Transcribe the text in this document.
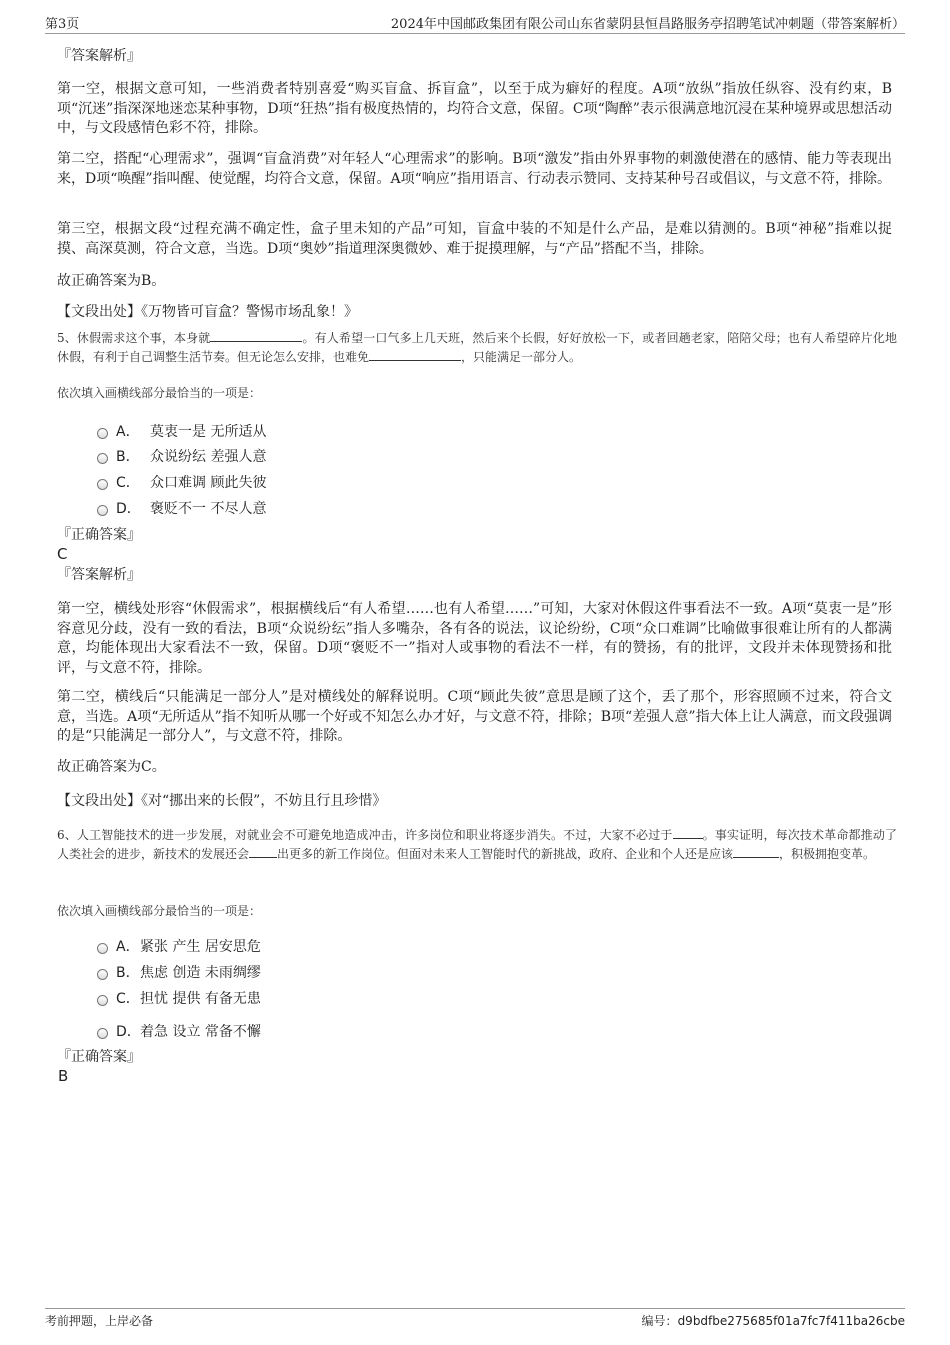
第3页	2024年中国邮政集团有限公司山东省蒙阴县恒昌路服务亭招聘笔试冲刺题（带答案解析）
『答案解析』
第一空，根据文意可知，一些消费者特别喜爱“购买盲盒、拆盲盒”，以至于成为癖好的程度。A项“放纵”指放任纵容、没有约束，B项“沉迷”指深深地迷恋某种事物，D项“狂热”指有极度热情的，均符合文意，保留。C项“陶醉”表示很满意地沉浸在某种境界或思想活动中，与文段感情色彩不符，排除。
第二空，搭配“心理需求”，强调“盲盒消费”对年轻人“心理需求”的影响。B项“激发”指由外界事物的刺激使潜在的感情、能力等表现出来，D项“唤醒”指叫醒、使觉醒，均符合文意，保留。A项“响应”指用语言、行动表示赞同、支持某种号召或倡议，与文意不符，排除。
第三空，根据文段“过程充满不确定性，盒子里未知的产品”可知，盲盒中装的不知是什么产品，是难以猜测的。B项“神秘”指难以捉摸、高深莫测，符合文意，当选。D项“奥妙”指道理深奥微妙、难于捉摸理解，与“产品”搭配不当，排除。
故正确答案为B。
【文段出处】《万物皆可盲盒？警惕市场乱象！》
5、休假需求这个事，本身就	。有人希望一口气多上几天班，然后来个长假，好好放松一下，或者回趟老家，陪陪父母；也有人希望碎片化地休假，有利于自己调整生活节奏。但无论怎么安排，也难免	，只能满足一部分人。
依次填入画横线部分最恰当的一项是：
A． 莫衷一是 无所适从
B． 众说纷纭 差强人意
C． 众口难调 顾此失彼
D． 褒贬不一 不尽人意
『正确答案』
C
『答案解析』
第一空，横线处形容“休假需求”，根据横线后“有人希望……也有人希望……”可知，大家对休假这件事看法不一致。A项“莫衷一是”形容意见分歧，没有一致的看法，B项“众说纷纭”指人多嘴杂，各有各的说法，议论纷纷，C项“众口难调”比喻做事很难让所有的人都满意，均能体现出大家看法不一致，保留。D项“褒贬不一”指对人或事物的看法不一样，有的赞扬，有的批评，文段并未体现赞扬和批评，与文意不符，排除。
第二空，横线后“只能满足一部分人”是对横线处的解释说明。C项“顾此失彼”意思是顾了这个，丢了那个，形容照顾不过来，符合文意，当选。A项“无所适从”指不知听从哪一个好或不知怎么办才好，与文意不符，排除；B项“差强人意”指大体上让人满意，而文段强调的是“只能满足一部分人”，与文意不符，排除。
故正确答案为C。
【文段出处】《对“挪出来的长假”，不妨且行且珍惜》
6、人工智能技术的进一步发展，对就业会不可避免地造成冲击，许多岗位和职业将逐步消失。不过，大家不必过于	。事实证明，每次技术革命都推动了人类社会的进步，新技术的发展还会 出更多的新工作岗位。但面对未来人工智能时代的新挑战，政府、企业和个人还是应该	，积极拥抱变革。
依次填入画横线部分最恰当的一项是：
A． 紧张 产生 居安思危
B． 焦虑 创造 未雨绸缪
C． 担忧 提供 有备无患
D． 着急 设立 常备不懈
『正确答案』
B
考前押题，上岸必备	编号：d9bdfbe275685f01a7fc7f411ba26cbe
